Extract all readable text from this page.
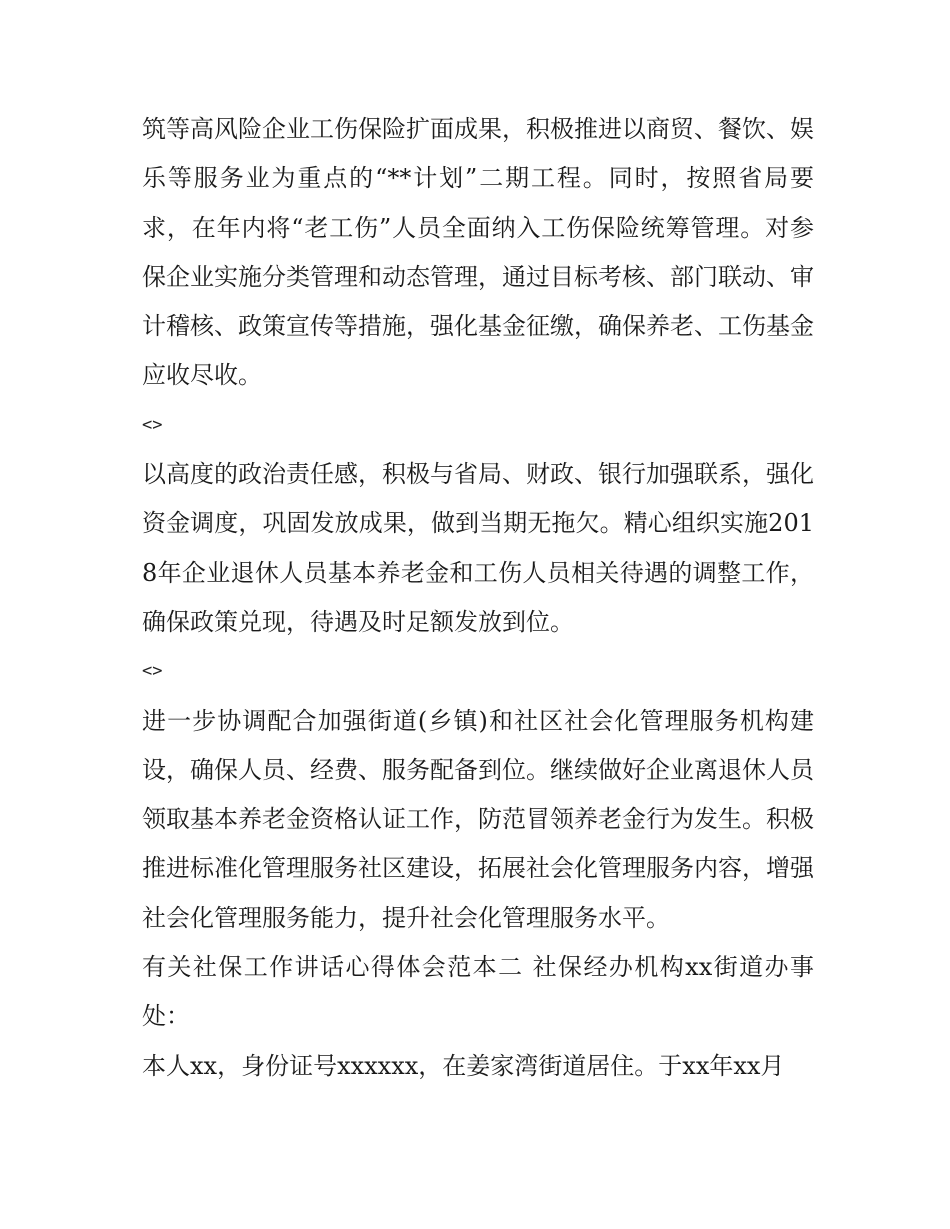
筑等高风险企业工伤保险扩面成果，积极推进以商贸、餐饮、娱乐等服务业为重点的“**计划”二期工程。同时，按照省局要求，在年内将“老工伤”人员全面纳入工伤保险统筹管理。对参保企业实施分类管理和动态管理，通过目标考核、部门联动、审计稽核、政策宣传等措施，强化基金征缴，确保养老、工伤基金应收尽收。

<>

以高度的政治责任感，积极与省局、财政、银行加强联系，强化资金调度，巩固发放成果，做到当期无拖欠。精心组织实施2018年企业退休人员基本养老金和工伤人员相关待遇的调整工作，确保政策兑现，待遇及时足额发放到位。

<>

进一步协调配合加强街道(乡镇)和社区社会化管理服务机构建设，确保人员、经费、服务配备到位。继续做好企业离退休人员领取基本养老金资格认证工作，防范冒领养老金行为发生。积极推进标准化管理服务社区建设，拓展社会化管理服务内容，增强社会化管理服务能力，提升社会化管理服务水平。

有关社保工作讲话心得体会范本二 社保经办机构xx街道办事处：

本人xx，身份证号xxxxxx，在姜家湾街道居住。于xx年xx月
